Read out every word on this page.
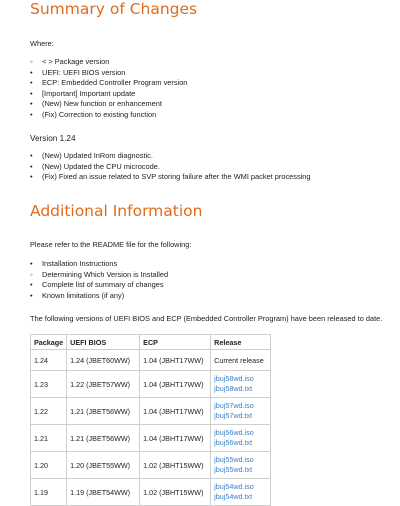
Summary of Changes
Where:
◦	< > Package version
•	UEFI: UEFI BIOS version
•	ECP: Embedded Controller Program version
•	[Important] Important update
•	(New) New function or enhancement
•	(Fix) Correction to existing function
Version 1.24
•	(New) Updated InRom diagnostic.
•	(New) Updated the CPU microcode.
•	(Fix) Fixed an issue related to SVP storing failure after the WMI packet processing
Additional Information
Please refer to the README file for the following:
•	Installation Instructions
◦	Determining Which Version is Installed
•	Complete list of summary of changes
•	Known limitations (if any)
The following versions of UEFI BIOS and ECP (Embedded Controller Program) have been released to date.
Package	UEFI BIOS	ECP	Release
1.24	1.24 (JBET60WW)	1.04 (JBHT17WW)	Current release
1.23	1.22 (JBET57WW)	1.04 (JBHT17WW)	jbuj58wd.iso
jbuj58wd.txt

1.22	1.21 (JBET56WW)	1.04 (JBHT17WW)	jbuj57wd.iso
jbuj57wd.txt

1.21	1.21 (JBET56WW)	1.04 (JBHT17WW)	jbuj56wd.iso
jbuj56wd.txt

1.20	1.20 (JBET55WW)	1.02 (JBHT15WW)	jbuj55wd.iso
jbuj55wd.txt

1.19	1.19 (JBET54WW)	1.02 (JBHT15WW)	jbuj54wd.iso
jbuj54wd.txt
